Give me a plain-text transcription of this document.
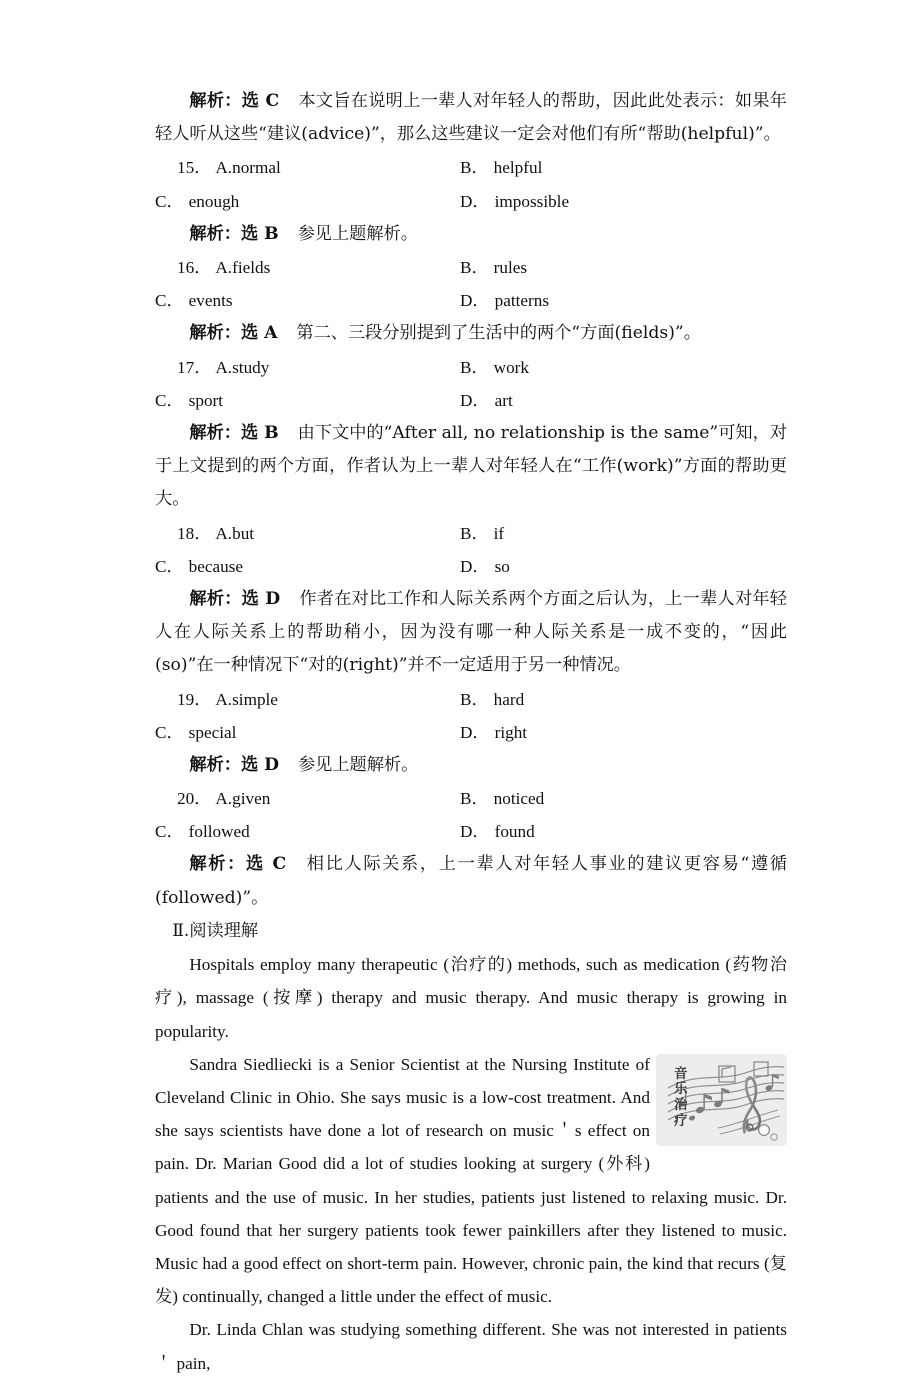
解析：选 C 本文旨在说明上一辈人对年轻人的帮助，因此此处表示：如果年轻人听从这些“建议(advice)”，那么这些建议一定会对他们有所“帮助(helpful)”。

15． A. normal	B． helpful
C． enough	D． impossible

解析：选 B 参见上题解析。

16． A. fields	B． rules
C． events	D． patterns

解析：选 A 第二、三段分别提到了生活中的两个“方面(fields)”。

17． A. study	B． work
C． sport	D． art

解析：选 B 由下文中的“After all, no relationship is the same”可知，对于上文提到的两个方面，作者认为上一辈人对年轻人在“工作(work)”方面的帮助更大。

18． A. but	B． if
C． because	D． so

解析：选 D 作者在对比工作和人际关系两个方面之后认为，上一辈人对年轻人在人际关系上的帮助稍小，因为没有哪一种人际关系是一成不变的，“因此(so)”在一种情况下“对的(right)”并不一定适用于另一种情况。

19． A. simple	B． hard
C． special	D． right

解析：选 D 参见上题解析。

20． A. given	B． noticed
C． followed	D． found

解析：选 C 相比人际关系，上一辈人对年轻人事业的建议更容易“遵循(followed)”。

Ⅱ.阅读理解

Hospitals employ many therapeutic (治疗的) methods, such as medication (药物治疗), massage (按摩) therapy and music therapy. And music therapy is growing in popularity.

音
乐
治
疗

Sandra Siedliecki is a Senior Scientist at the Nursing Institute of Cleveland Clinic in Ohio. She says music is a low-cost treatment. And she says scientists have done a lot of research on music＇s effect on pain. Dr. Marian Good did a lot of studies looking at surgery (外科) patients and the use of music. In her studies, patients just listened to relaxing music. Dr. Good found that her surgery patients took fewer painkillers after they listened to music. Music had a good effect on short-term pain. However, chronic pain, the kind that recurs (复发) continually, changed a little under the effect of music.

Dr. Linda Chlan was studying something different. She was not interested in patients＇ pain,
